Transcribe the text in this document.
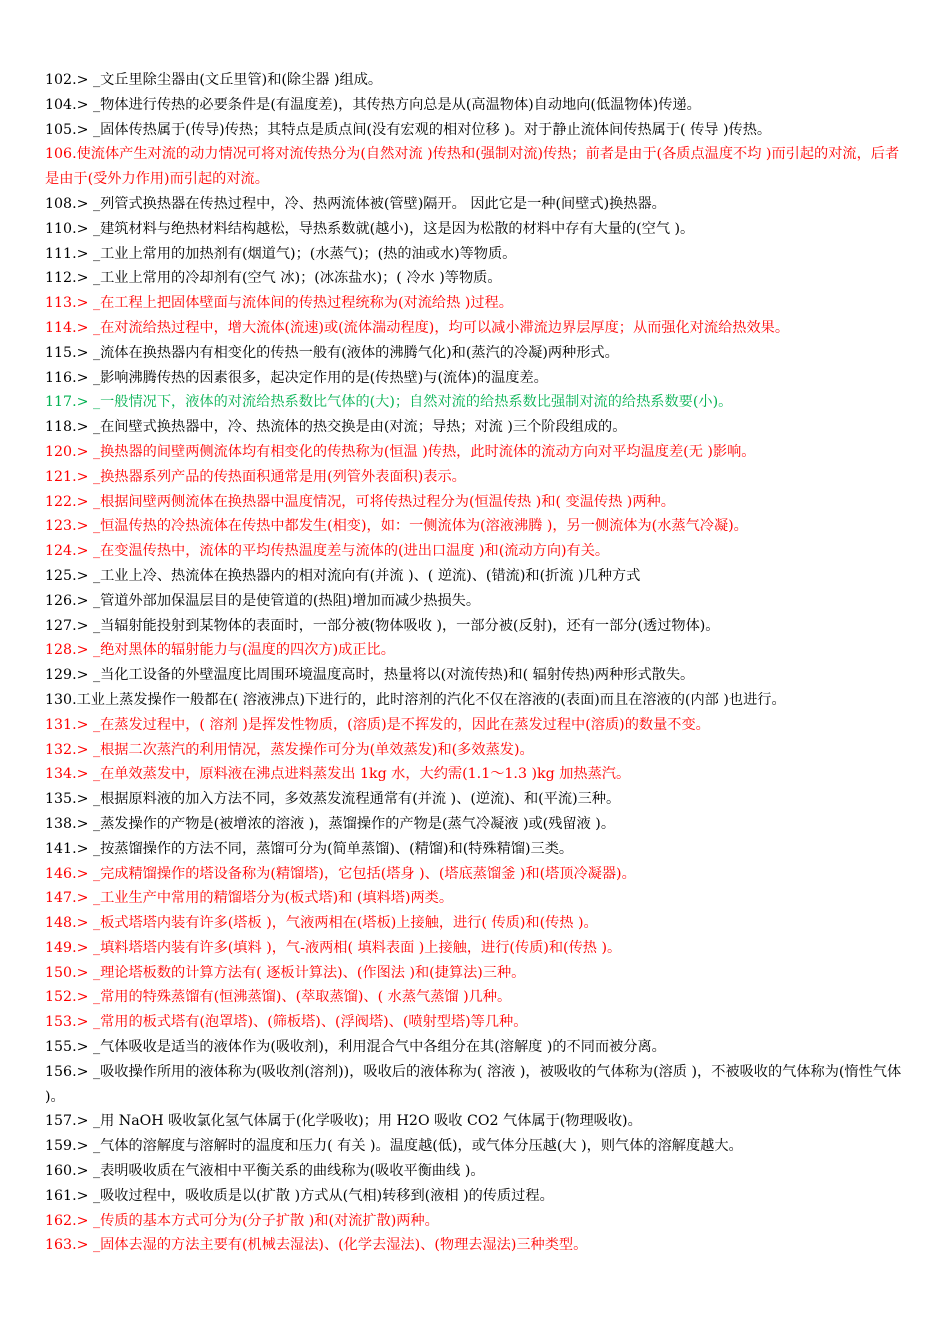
102.> _文丘里除尘器由(文丘里管)和(除尘器 )组成。
104.> _物体进行传热的必要条件是(有温度差)，其传热方向总是从(高温物体)自动地向(低温物体)传递。
105.> _固体传热属于(传导)传热；其特点是质点间(没有宏观的相对位移 )。对于静止流体间传热属于( 传导 )传热。
106.使流体产生对流的动力情况可将对流传热分为(自然对流 )传热和(强制对流)传热；前者是由于(各质点温度不均 )而引起的对流，后者是由于(受外力作用)而引起的对流。
108.> _列管式换热器在传热过程中，冷、热两流体被(管壁)隔开。 因此它是一种(间壁式)换热器。
110.> _建筑材料与绝热材料结构越松，导热系数就(越小)，这是因为松散的材料中存有大量的(空气 )。
111.> _工业上常用的加热剂有(烟道气)；(水蒸气)；(热的油或水)等物质。
112.> _工业上常用的冷却剂有(空气 冰)；(冰冻盐水)；( 冷水 )等物质。
113.> _在工程上把固体壁面与流体间的传热过程统称为(对流给热 )过程。
114.> _在对流给热过程中，增大流体(流速)或(流体湍动程度)，均可以减小滞流边界层厚度；从而强化对流给热效果。
115.> _流体在换热器内有相变化的传热一般有(液体的沸腾气化)和(蒸汽的冷凝)两种形式。
116.> _影响沸腾传热的因素很多，起决定作用的是(传热壁)与(流体)的温度差。
117.> _一般情况下，液体的对流给热系数比气体的(大)；自然对流的给热系数比强制对流的给热系数要(小)。
118.> _在间壁式换热器中，冷、热流体的热交换是由(对流；导热；对流 )三个阶段组成的。
120.> _换热器的间壁两侧流体均有相变化的传热称为(恒温 )传热，此时流体的流动方向对平均温度差(无 )影响。
121.> _换热器系列产品的传热面积通常是用(列管外表面积)表示。
122.> _根据间壁两侧流体在换热器中温度情况，可将传热过程分为(恒温传热 )和( 变温传热 )两种。
123.> _恒温传热的冷热流体在传热中都发生(相变)，如：一侧流体为(溶液沸腾 )，另一侧流体为(水蒸气冷凝)。
124.> _在变温传热中，流体的平均传热温度差与流体的(进出口温度 )和(流动方向)有关。
125.> _工业上冷、热流体在换热器内的相对流向有(并流 )、( 逆流)、(错流)和(折流 )几种方式
126.> _管道外部加保温层目的是使管道的(热阻)增加而减少热损失。
127.> _当辐射能投射到某物体的表面时，一部分被(物体吸收 )，一部分被(反射)，还有一部分(透过物体)。
128.> _绝对黑体的辐射能力与(温度的四次方)成正比。
129.> _当化工设备的外壁温度比周围环境温度高时，热量将以(对流传热)和( 辐射传热)两种形式散失。
130.工业上蒸发操作一般都在( 溶液沸点)下进行的，此时溶剂的汽化不仅在溶液的(表面)而且在溶液的(内部 )也进行。
131.> _在蒸发过程中，( 溶剂 )是挥发性物质，(溶质)是不挥发的，因此在蒸发过程中(溶质)的数量不变。
132.> _根据二次蒸汽的利用情况，蒸发操作可分为(单效蒸发)和(多效蒸发)。
134.> _在单效蒸发中，原料液在沸点进料蒸发出 1kg 水，大约需(1.1～1.3 )kg 加热蒸汽。
135.> _根据原料液的加入方法不同，多效蒸发流程通常有(并流 )、(逆流)、和(平流)三种。
138.> _蒸发操作的产物是(被增浓的溶液 )，蒸馏操作的产物是(蒸气冷凝液 )或(残留液 )。
141.> _按蒸馏操作的方法不同，蒸馏可分为(简单蒸馏)、(精馏)和(特殊精馏)三类。
146.> _完成精馏操作的塔设备称为(精馏塔)，它包括(塔身 )、(塔底蒸馏釜 )和(塔顶冷凝器)。
147.> _工业生产中常用的精馏塔分为(板式塔)和 (填料塔)两类。
148.> _板式塔塔内装有许多(塔板 )，气液两相在(塔板)上接触，进行( 传质)和(传热 )。
149.> _填料塔塔内装有许多(填料 )，气-液两相( 填料表面 )上接触，进行(传质)和(传热 )。
150.> _理论塔板数的计算方法有( 逐板计算法)、(作图法 )和(捷算法)三种。
152.> _常用的特殊蒸馏有(恒沸蒸馏)、(萃取蒸馏)、( 水蒸气蒸馏 )几种。
153.> _常用的板式塔有(泡罩塔)、(筛板塔)、(浮阀塔)、(喷射型塔)等几种。
155.> _气体吸收是适当的液体作为(吸收剂)，利用混合气中各组分在其(溶解度 )的不同而被分离。
156.> _吸收操作所用的液体称为(吸收剂(溶剂))，吸收后的液体称为( 溶液 )，被吸收的气体称为(溶质 )，不被吸收的气体称为(惰性气体 )。
157.> _用 NaOH 吸收氯化氢气体属于(化学吸收)；用 H2O 吸收 CO2 气体属于(物理吸收)。
159.> _气体的溶解度与溶解时的温度和压力( 有关 )。温度越(低)，或气体分压越(大 )，则气体的溶解度越大。
160.> _表明吸收质在气液相中平衡关系的曲线称为(吸收平衡曲线 )。
161.> _吸收过程中，吸收质是以(扩散 )方式从(气相)转移到(液相 )的传质过程。
162.> _传质的基本方式可分为(分子扩散 )和(对流扩散)两种。
163.> _固体去湿的方法主要有(机械去湿法)、(化学去湿法)、(物理去湿法)三种类型。
